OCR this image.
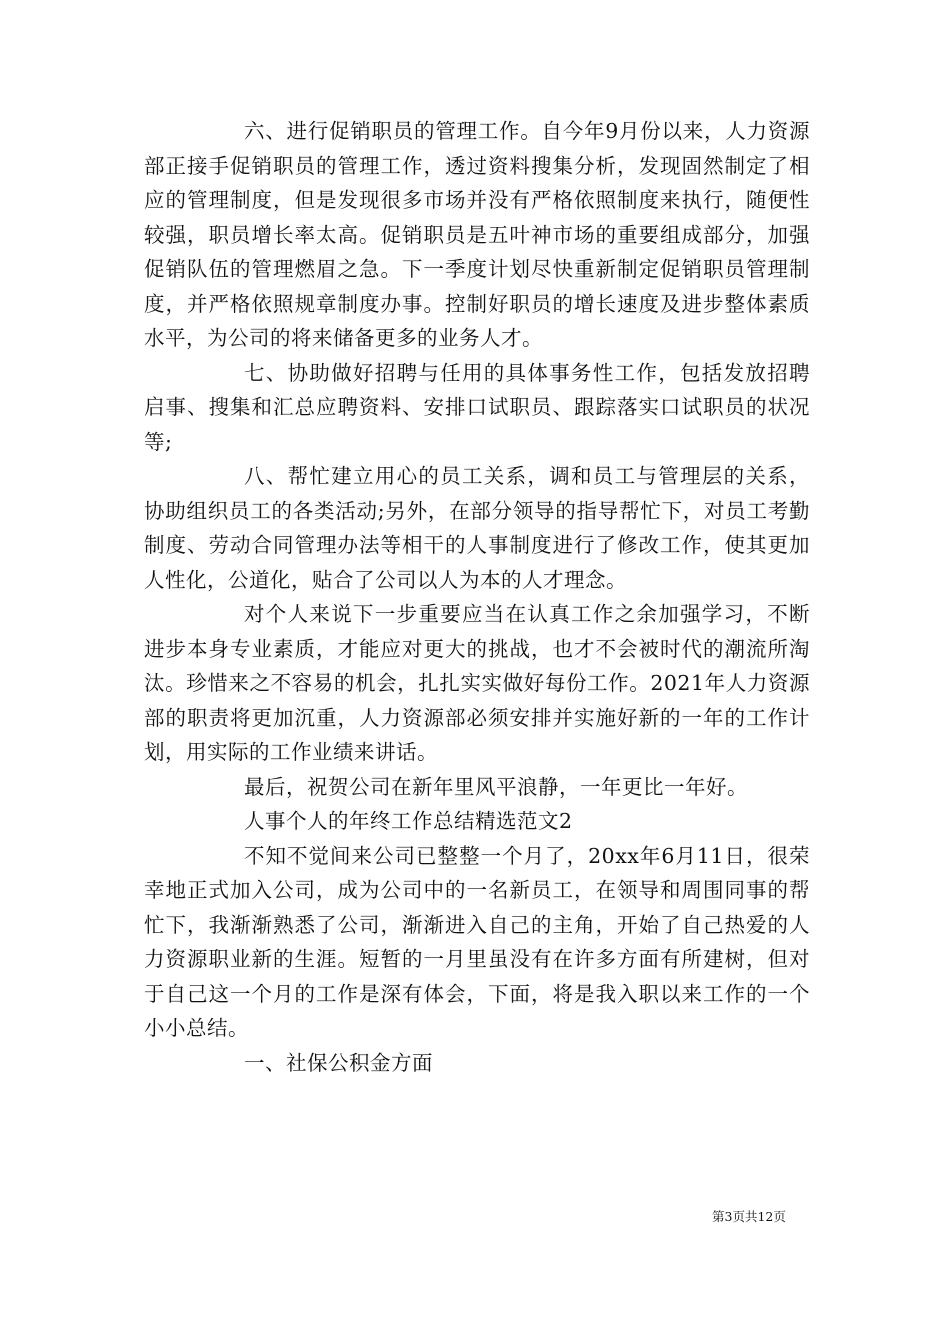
六、进行促销职员的管理工作。自今年9月份以来，人力资源部正接手促销职员的管理工作，透过资料搜集分析，发现固然制定了相应的管理制度，但是发现很多市场并没有严格依照制度来执行，随便性较强，职员增长率太高。促销职员是五叶神市场的重要组成部分，加强促销队伍的管理燃眉之急。下一季度计划尽快重新制定促销职员管理制度，并严格依照规章制度办事。控制好职员的增长速度及进步整体素质水平，为公司的将来储备更多的业务人才。

七、协助做好招聘与任用的具体事务性工作，包括发放招聘启事、搜集和汇总应聘资料、安排口试职员、跟踪落实口试职员的状况等;

八、帮忙建立用心的员工关系，调和员工与管理层的关系，协助组织员工的各类活动;另外，在部分领导的指导帮忙下，对员工考勤制度、劳动合同管理办法等相干的人事制度进行了修改工作，使其更加人性化，公道化，贴合了公司以人为本的人才理念。

对个人来说下一步重要应当在认真工作之余加强学习，不断进步本身专业素质，才能应对更大的挑战，也才不会被时代的潮流所淘汰。珍惜来之不容易的机会，扎扎实实做好每份工作。2021年人力资源部的职责将更加沉重，人力资源部必须安排并实施好新的一年的工作计划，用实际的工作业绩来讲话。

最后，祝贺公司在新年里风平浪静，一年更比一年好。

人事个人的年终工作总结精选范文2

不知不觉间来公司已整整一个月了，20xx年6月11日，很荣幸地正式加入公司，成为公司中的一名新员工，在领导和周围同事的帮忙下，我渐渐熟悉了公司，渐渐进入自己的主角，开始了自己热爱的人力资源职业新的生涯。短暂的一月里虽没有在许多方面有所建树，但对于自己这一个月的工作是深有体会，下面，将是我入职以来工作的一个小小总结。

一、社保公积金方面

第3页共12页
